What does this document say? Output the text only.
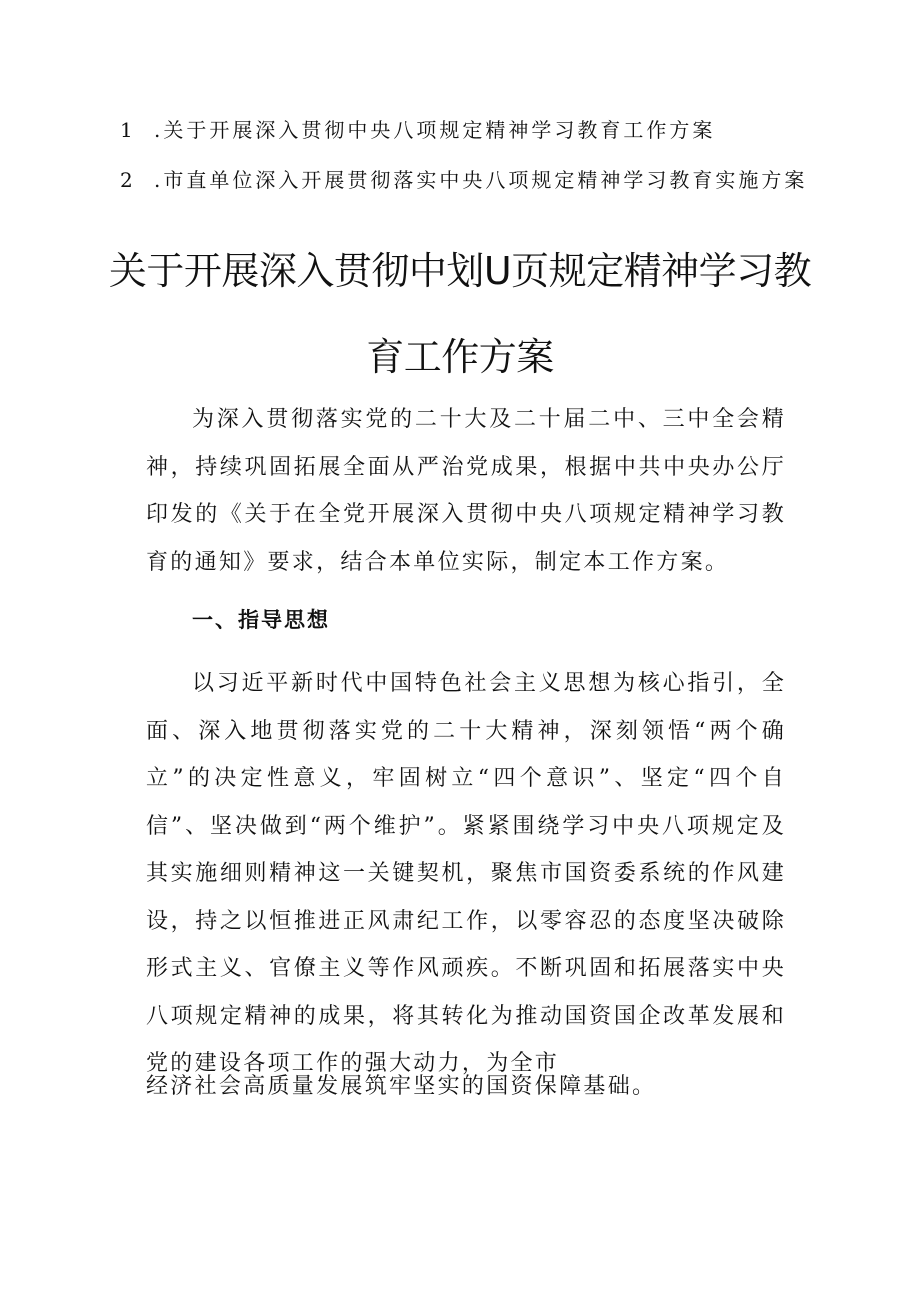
1 .关于开展深入贯彻中央八项规定精神学习教育工作方案
2 .市直单位深入开展贯彻落实中央八项规定精神学习教育实施方案
关于开展深入贯彻中划U页规定精神学习教
育工作方案
为深入贯彻落实党的二十大及二十届二中、三中全会精神，持续巩固拓展全面从严治党成果，根据中共中央办公厅印发的《关于在全党开展深入贯彻中央八项规定精神学习教育的通知》要求，结合本单位实际，制定本工作方案。
一、指导思想
以习近平新时代中国特色社会主义思想为核心指引，全面、深入地贯彻落实党的二十大精神，深刻领悟“两个确立”的决定性意义，牢固树立“四个意识”、坚定“四个自信”、坚决做到“两个维护”。紧紧围绕学习中央八项规定及其实施细则精神这一关键契机，聚焦市国资委系统的作风建设，持之以恒推进正风肃纪工作，以零容忍的态度坚决破除形式主义、官僚主义等作风顽疾。不断巩固和拓展落实中央八项规定精神的成果，将其转化为推动国资国企改革发展和党的建设各项工作的强大动力，为全市
经济社会高质量发展筑牢坚实的国资保障基础。
